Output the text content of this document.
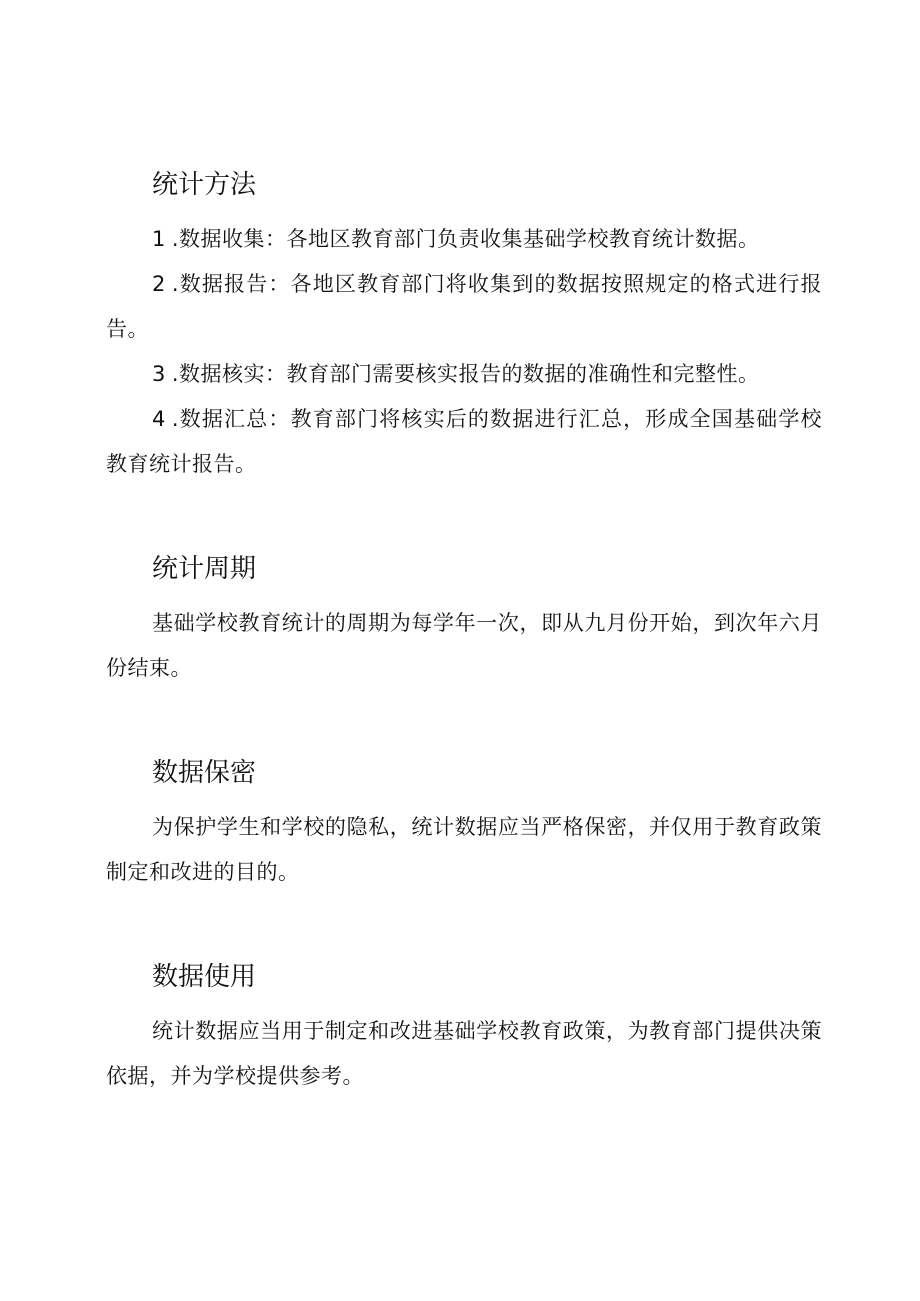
统计方法

1 .数据收集：各地区教育部门负责收集基础学校教育统计数据。

2 .数据报告：各地区教育部门将收集到的数据按照规定的格式进行报告。

3 .数据核实：教育部门需要核实报告的数据的准确性和完整性。

4 .数据汇总：教育部门将核实后的数据进行汇总，形成全国基础学校教育统计报告。

统计周期

基础学校教育统计的周期为每学年一次，即从九月份开始，到次年六月份结束。

数据保密

为保护学生和学校的隐私，统计数据应当严格保密，并仅用于教育政策制定和改进的目的。

数据使用

统计数据应当用于制定和改进基础学校教育政策，为教育部门提供决策依据，并为学校提供参考。
